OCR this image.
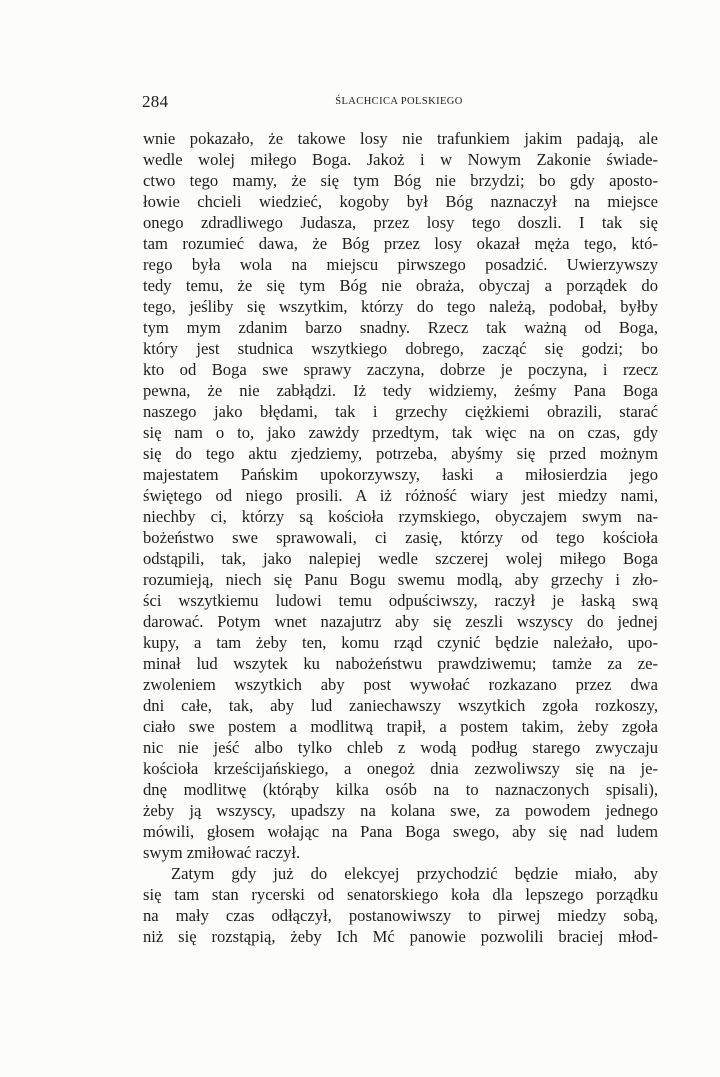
284	ŚLACHCICA POLSKIEGO
wnie pokazało, że takowe losy nie trafunkiem jakim padają, ale
wedle wolej miłego Boga. Jakoż i w Nowym Zakonie świade-
ctwo tego mamy, że się tym Bóg nie brzydzi; bo gdy aposto-
łowie chcieli wiedzieć, kogoby był Bóg naznaczył na miejsce
onego zdradliwego Judasza, przez losy tego doszli. I tak się
tam rozumieć dawa, że Bóg przez losy okazał męża tego, któ-
rego była wola na miejscu pirwszego posadzić. Uwierzywszy
tedy temu, że się tym Bóg nie obraża, obyczaj a porządek do
tego, jeśliby się wszytkim, którzy do tego należą, podobał, byłby
tym mym zdanim barzo snadny. Rzecz tak ważną od Boga,
który jest studnica wszytkiego dobrego, zacząć się godzi; bo
kto od Boga swe sprawy zaczyna, dobrze je poczyna, i rzecz
pewna, że nie zabłądzi. Iż tedy widziemy, żeśmy Pana Boga
naszego jako błędami, tak i grzechy ciężkiemi obrazili, starać
się nam o to, jako zawżdy przedtym, tak więc na on czas, gdy
się do tego aktu zjedziemy, potrzeba, abyśmy się przed możnym
majestatem Pańskim upokorzywszy, łaski a miłosierdzia jego
świętego od niego prosili. A iż różność wiary jest miedzy nami,
niechby ci, którzy są kościoła rzymskiego, obyczajem swym na-
bożeństwo swe sprawowali, ci zasię, którzy od tego kościoła
odstąpili, tak, jako nalepiej wedle szczerej wolej miłego Boga
rozumieją, niech się Panu Bogu swemu modlą, aby grzechy i zło-
ści wszytkiemu ludowi temu odpuściwszy, raczył je łaską swą
darować. Potym wnet nazajutrz aby się zeszli wszyscy do jednej
kupy, a tam żeby ten, komu rząd czynić będzie należało, upo-
minał lud wszytek ku nabożeństwu prawdziwemu; tamże za ze-
zwoleniem wszytkich aby post wywołać rozkazano przez dwa
dni całe, tak, aby lud zaniechawszy wszytkich zgoła rozkoszy,
ciało swe postem a modlitwą trapił, a postem takim, żeby zgoła
nic nie jeść albo tylko chleb z wodą podług starego zwyczaju
kościoła krześcijańskiego, a onegoż dnia zezwoliwszy się na je-
dnę modlitwę (którąby kilka osób na to naznaczonych spisali),
żeby ją wszyscy, upadszy na kolana swe, za powodem jednego
mówili, głosem wołając na Pana Boga swego, aby się nad ludem
swym zmiłować raczył.
Zatym gdy już do elekcyej przychodzić będzie miało, aby
się tam stan rycerski od senatorskiego koła dla lepszego porządku
na mały czas odłączył, postanowiwszy to pirwej miedzy sobą,
niż się rozstąpią, żeby Ich Mć panowie pozwolili braciej młod-
